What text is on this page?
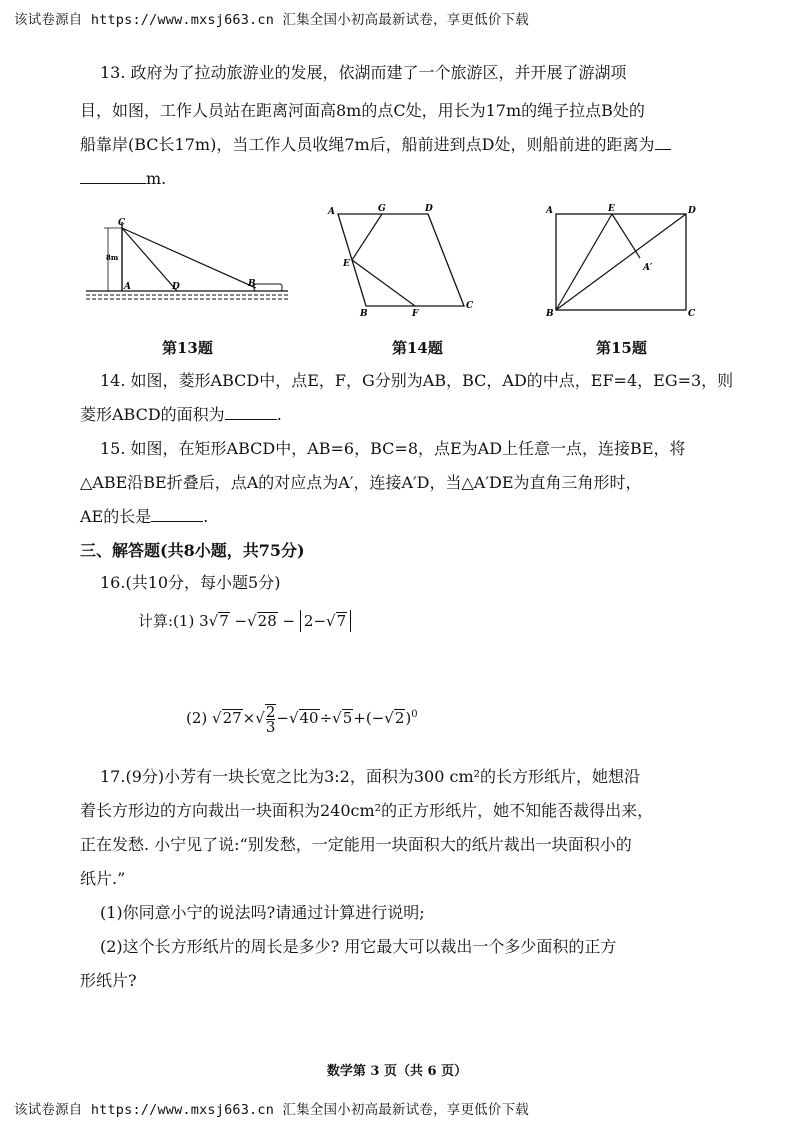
该试卷源自 https://www.mxsj663.cn 汇集全国小初高最新试卷，享更低价下载
13. 政府为了拉动旅游业的发展，依湖而建了一个旅游区，并开展了游湖项
目，如图，工作人员站在距离河面高8m的点C处，用长为17m的绳子拉点B处的
船靠岸(BC长17m)，当工作人员收绳7m后，船前进到点D处，则船前进的距离为
m.
C
8m
A	D	B
第13题
A	G	D
E
B	F
C
第14题
A	E	D
A′
B	C
第15题
14. 如图，菱形ABCD中，点E，F，G分别为AB，BC，AD的中点，EF=4，EG=3，则
菱形ABCD的面积为	.
15. 如图，在矩形ABCD中，AB=6，BC=8，点E为AD上任意一点，连接BE，将
△ABE沿BE折叠后，点A的对应点为A′，连接A′D，当△A′DE为直角三角形时，
AE的长是	.
三、解答题(共8小题，共75分)
16.(共10分，每小题5分)
计算:(1) 3√7 −√28 − 2−√7
(2) $√27\times√ \frac{2}{3} -√40\div√5+(-√2)^0$
17.(9分)小芳有一块长宽之比为3:2，面积为300 cm²的长方形纸片，她想沿
着长方形边的方向裁出一块面积为240cm²的正方形纸片，她不知能否裁得出来，
正在发愁. 小宁见了说:“别发愁，一定能用一块面积大的纸片裁出一块面积小的
纸片.”
(1)你同意小宁的说法吗?请通过计算进行说明;
(2)这个长方形纸片的周长是多少? 用它最大可以裁出一个多少面积的正方
形纸片?
数学第 3 页（共 6 页）
该试卷源自 https://www.mxsj663.cn 汇集全国小初高最新试卷，享更低价下载
